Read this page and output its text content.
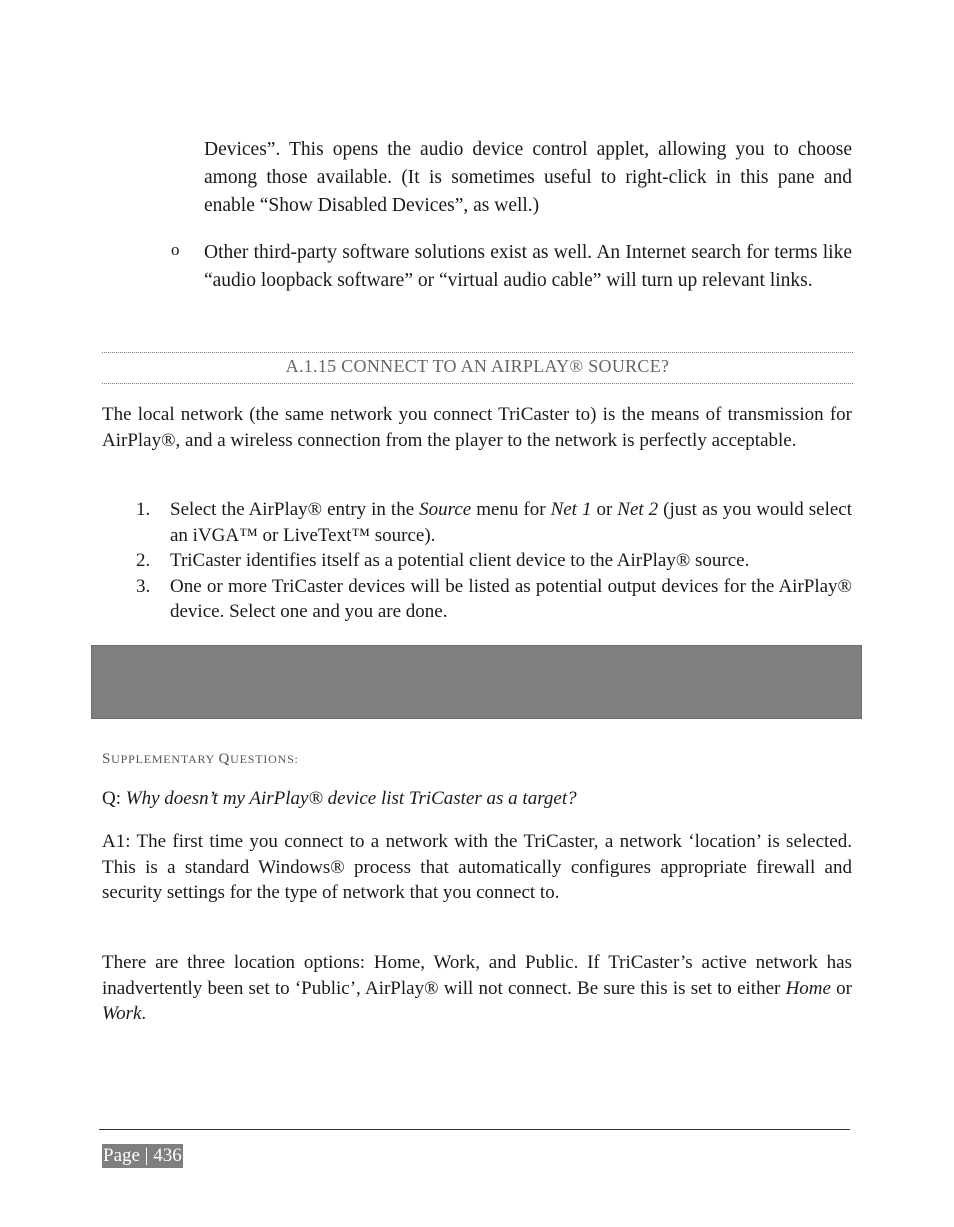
Devices”. This opens the audio device control applet, allowing you to choose among those available. (It is sometimes useful to right-click in this pane and enable “Show Disabled Devices”, as well.)

o Other third-party software solutions exist as well. An Internet search for terms like “audio loopback software” or “virtual audio cable” will turn up relevant links.

A.1.15 CONNECT TO AN AIRPLAY® SOURCE?

The local network (the same network you connect TriCaster to) is the means of transmission for AirPlay®, and a wireless connection from the player to the network is perfectly acceptable.

1.	Select the AirPlay® entry in the Source menu for Net 1 or Net 2 (just as you would select an iVGA™ or LiveText™ source).
2.	TriCaster identifies itself as a potential client device to the AirPlay® source.
3.	One or more TriCaster devices will be listed as potential output devices for the AirPlay® device. Select one and you are done.
SUPPLEMENTARY QUESTIONS:

Q: Why doesn’t my AirPlay® device list TriCaster as a target?

A1: The first time you connect to a network with the TriCaster, a network ‘location’ is selected. This is a standard Windows® process that automatically configures appropriate firewall and security settings for the type of network that you connect to.

There are three location options: Home, Work, and Public. If TriCaster’s active network has inadvertently been set to ‘Public’, AirPlay® will not connect. Be sure this is set to either Home or Work.

Page | 436
